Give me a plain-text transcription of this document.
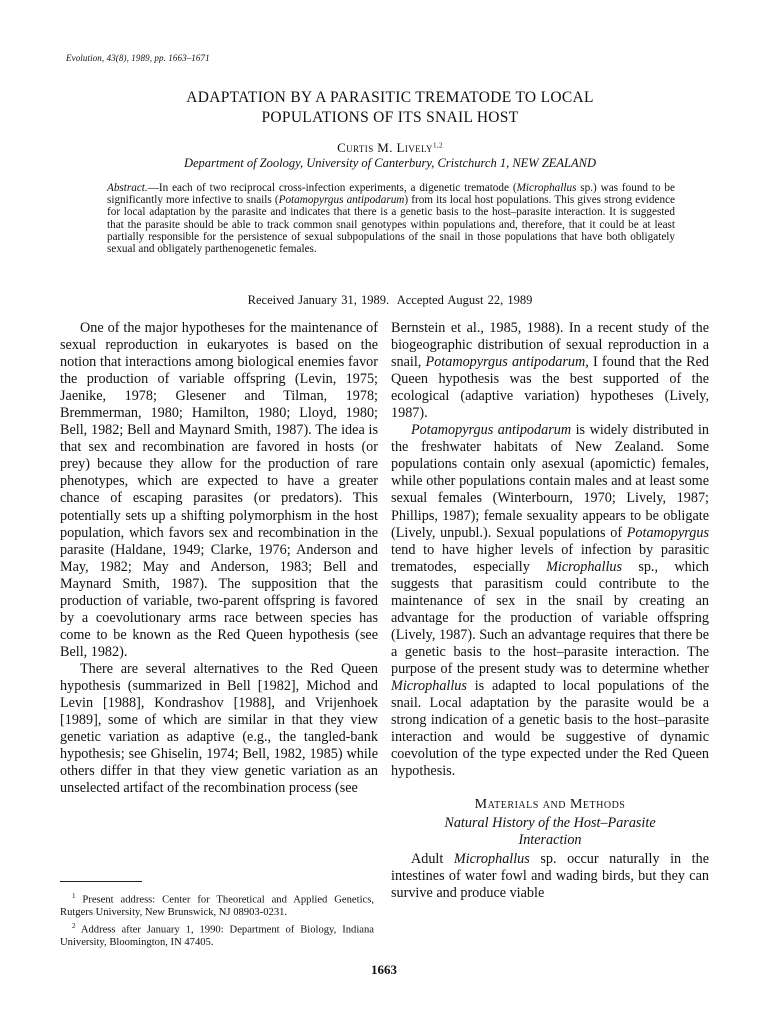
Evolution, 43(8), 1989, pp. 1663–1671
ADAPTATION BY A PARASITIC TREMATODE TO LOCAL
POPULATIONS OF ITS SNAIL HOST
Curtis M. Lively$^{1,2}$
Department of Zoology, University of Canterbury, Cristchurch 1, NEW ZEALAND
Abstract.—In each of two reciprocal cross-infection experiments, a digenetic trematode (Microphallus sp.) was found to be significantly more infective to snails (Potamopyrgus antipodarum) from its local host populations. This gives strong evidence for local adaptation by the parasite and indicates that there is a genetic basis to the host–parasite interaction. It is suggested that the parasite should be able to track common snail genotypes within populations and, therefore, that it could be at least partially responsible for the persistence of sexual subpopulations of the snail in those populations that have both obligately sexual and obligately parthenogenetic females.
Received January 31, 1989. Accepted August 22, 1989

One of the major hypotheses for the maintenance of sexual reproduction in eukaryotes is based on the notion that interactions among biological enemies favor the production of variable offspring (Levin, 1975; Jaenike, 1978; Glesener and Tilman, 1978; Bremmerman, 1980; Hamilton, 1980; Lloyd, 1980; Bell, 1982; Bell and Maynard Smith, 1987). The idea is that sex and recombination are favored in hosts (or prey) because they allow for the production of rare phenotypes, which are expected to have a greater chance of escaping parasites (or predators). This potentially sets up a shifting polymorphism in the host population, which favors sex and recombination in the parasite (Haldane, 1949; Clarke, 1976; Anderson and May, 1982; May and Anderson, 1983; Bell and Maynard Smith, 1987). The supposition that the production of variable, two-parent offspring is favored by a coevolutionary arms race between species has come to be known as the Red Queen hypothesis (see Bell, 1982).

There are several alternatives to the Red Queen hypothesis (summarized in Bell [1982], Michod and Levin [1988], Kondrashov [1988], and Vrijenhoek [1989], some of which are similar in that they view genetic variation as adaptive (e.g., the tangled-bank hypothesis; see Ghiselin, 1974; Bell, 1982, 1985) while others differ in that they view genetic variation as an unselected artifact of the recombination process (see

Bernstein et al., 1985, 1988). In a recent study of the biogeographic distribution of sexual reproduction in a snail, Potamopyrgus antipodarum, I found that the Red Queen hypothesis was the best supported of the ecological (adaptive variation) hypotheses (Lively, 1987).

Potamopyrgus antipodarum is widely distributed in the freshwater habitats of New Zealand. Some populations contain only asexual (apomictic) females, while other populations contain males and at least some sexual females (Winterbourn, 1970; Lively, 1987; Phillips, 1987); female sexuality appears to be obligate (Lively, unpubl.). Sexual populations of Potamopyrgus tend to have higher levels of infection by parasitic trematodes, especially Microphallus sp., which suggests that parasitism could contribute to the maintenance of sex in the snail by creating an advantage for the production of variable offspring (Lively, 1987). Such an advantage requires that there be a genetic basis to the host–parasite interaction. The purpose of the present study was to determine whether Microphallus is adapted to local populations of the snail. Local adaptation by the parasite would be a strong indication of a genetic basis to the host–parasite interaction and would be suggestive of dynamic coevolution of the type expected under the Red Queen hypothesis.

Materials and Methods
Natural History of the Host–Parasite
Interaction

Adult Microphallus sp. occur naturally in the intestines of water fowl and wading birds, but they can survive and produce viable

$^1$ Present address: Center for Theoretical and Applied Genetics, Rutgers University, New Brunswick, NJ 08903-0231.

$^2$ Address after January 1, 1990: Department of Biology, Indiana University, Bloomington, IN 47405.

1663
